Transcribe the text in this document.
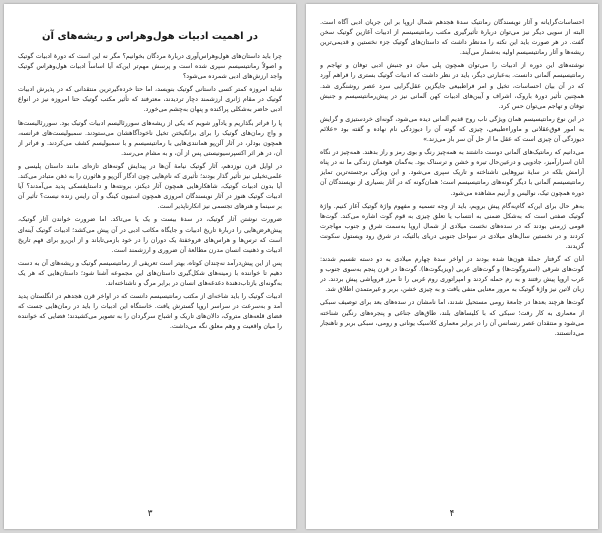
در اهمیت ادبیات هول‌وهراس و ریشه‌های آن

چرا باید داستان‌های هول‌وهراس‌آوری دربارهٔ مردگان بخوانیم؟ مگر نه این است که دورهٔ ادبیات گوتیک و اصولاً رمانتیسیسم سپری شده است و پرسش مهم‌تر این‌که آیا اساساً ادبیات هول‌وهراس گوتیک واجد ارزش‌های ادبی شمرده می‌شود؟

شاید امروزه کمتر کسی داستانی گوتیک بنویسد، اما حتا خرده‌گیرترین منتقدانی که در پذیرش ادبیات گوتیک در مقام ژانری ارزشمند دچار تردیدند، معترفند که تأثیر مکتب گوتیک حتا امروزه نیز در انواع ادبی حاضر به‌شکلی پراکنده و پنهان به‌چشم می‌خورد.

پا را فراتر بگذاریم و یادآور شویم که یکی از ریشه‌های سوررئالیسم ادبیات گوتیک بود. سوررئالیست‌ها و واج رمان‌های گوتیک را برای برانگیختن تخیل ناخودآگاهشان می‌ستودند. سمبولیست‌های فرانسه، همچون بودلر، در آثار آلن‌پو همانندی‌هایی با رمانتیسیسم و با سمبولیسم کشف می‌کردند. و فراتر از آن، در هر اثر اکسپرسیونیستی پس از آن، و به مشام می‌رسد.

در اوایل قرن نوزدهم، آثار گوتیک نیامهٔ آن‌ها در پیدایش گونه‌های تازه‌ای مانند داستان پلیسی و علمی‌تخیلی نیز تأثیر گذار بودند؛ تأثیری که نام‌هایی چون ادگار آلن‌پو و هاثورن را به ذهن متبادر می‌کند. آیا بدون ادبیات گوتیک، شاهکارهایی همچون آثار دیکنز، برونته‌ها و داستایفسکی پدید می‌آمدند؟ آیا ادبیات گوتیک هنوز در آثار نویسندگان امروزی همچون استیون کینگ و آن رایس زنده نیست؟ تأثیر آن بر سینما و هنرهای تجسمی نیز انکارناپذیر است.

ضرورت نوشتن آثار گوتیک، در سدهٔ بیست و یک یا می‌تاکد. اما ضرورت خواندن آثار گوتیک، پیش‌فرض‌هایی را دربارهٔ تاریخ ادبیات و جایگاه مکاتب ادبی در آن پیش می‌کشد؛ ادبیات گوتیک آینه‌ای است که ترس‌ها و هراس‌های فروخفتهٔ یک دوران را در خود بازمی‌تاباند و از این‌رو برای فهم تاریخ ادبیات و ذهنیت انسان مدرن مطالعهٔ آن ضروری و ارزشمند است.

پس از این پیش‌درآمد نه‌چندان کوتاه، بهتر است تعریفی از رمانتیسیسم گوتیک و ریشه‌های آن به دست دهیم تا خواننده با زمینه‌های شکل‌گیری داستان‌های این مجموعه آشنا شود؛ داستان‌هایی که هر یک به‌گونه‌ای بازتاب‌دهندهٔ دغدغه‌های انسان در برابر مرگ و ناشناخته‌اند.

ادبیات گوتیک را باید شاخه‌ای از مکتب رمانتیسیسم دانست که در اواخر قرن هجدهم در انگلستان پدید آمد و به‌سرعت در سراسر اروپا گسترش یافت. خاستگاه این ادبیات را باید در رمان‌هایی جست که فضای قلعه‌های متروک، دالان‌های تاریک و اشباح سرگردان را به تصویر می‌کشیدند؛ فضایی که خواننده را میان واقعیت و وهم معلق نگه می‌داشت.

۳

احساسات‌گرایانه و آثار نویسندگان رمانتیک سدهٔ هجدهم شمال اروپا بر این جریان ادبی آگاه است. البته از سویی دیگر نیز می‌توان دربارهٔ تأثیرگیری مکتب رمانتیسیسم از ادبیات آغازین گوتیک سخن گفت. در هر صورت باید این نکته را مدنظر داشت که داستان‌های گوتیک جزء نخستین و قدیمی‌ترین ریشه‌ها و آثار رمانتیسیسم اولیه به‌شمار می‌آیند.

نوشته‌های این دوره از ادبیات را می‌توان همچون پلی میان دو جنبش ادبی توفان و تهاجم و رمانتیسیسم آلمانی دانست. به‌عبارتی دیگر، باید در نظر داشت که ادبیات گوتیک بستری را فراهم آورد که در آن بیان احساسات، تخیل و امر فراطبیعی جایگزین عقل‌گرایی سرد عصر روشنگری شد. همچنین تأثیر دورهٔ باروک، اشراف و آیین‌های ادبیات کهن آلمانی نیز در پیش‌رمانتیسیسم و جنبش توفان و تهاجم می‌توان حس کرد.

در این نوع رمانتیسیسم همان ویژگی ناب روح قدیم آلمانی دیده می‌شود، گونه‌ای خردستیزی و گرایش به امور فوق‌عقلانی و ماوراءطبیعی، چیزی که گوته آن را دیوزدگی نام نهاده و گفته بود «علائم دیوزدگی آن چیزی است که عقل ما از حل آن سر باز می‌زند.»

می‌دانیم که رمانتیک‌های آلمانی دوست داشتند به همه‌چیز رنگ و بوی رمز و راز بدهند. همه‌چیز در نگاه آنان اسرارآمیز، جادویی و درعین‌حال تیره و خشن و ترسناک بود. به‌گمان هوفمان زندگی ما نه در پناه آرامش بلکه در سایهٔ نیروهایی ناشناخته و تاریک سپری می‌شود. و این ویژگی برجسته‌ترین تمایز رمانتیسیسم آلمانی با دیگر گونه‌های رمانتیسیسم است؛ همان‌گونه که در آثار بسیاری از نویسندگان آن دوره همچون تیک، نوالیس و آرنیم مشاهده می‌شود.

به‌هر حال برای این‌که گام‌به‌گام پیش برویم، باید از وجه تسمیه و مفهوم واژهٔ گوتیک آغاز کنیم. واژهٔ گوتیک صفتی است که به‌شکل ضمنی به انتساب یا تعلق چیزی به قوم گوت اشاره می‌کند. گوت‌ها قومی ژرمنی بودند که در سده‌های نخست میلادی از شمال اروپا به‌سمت شرق و جنوب مهاجرت کردند و در نخستین سال‌های میلادی در سواحل جنوبی دریای بالتیک، در شرق رود ویستول سکونت گزیدند.

آنان که گرفتار حملهٔ هون‌ها شده بودند در اواخر سدهٔ چهارم میلادی به دو دسته تقسیم شدند: گوت‌های شرقی (استروگوت‌ها) و گوت‌های غربی (ویزیگوت‌ها). گوت‌ها در قرن پنجم به‌سوی جنوب و غرب اروپا پیش رفتند و به رم حمله کردند و امپراتوری روم غربی را تا مرز فروپاشی پیش بردند. در زبان لاتین نیز واژهٔ گوتیک به مرور معنایی منفی یافت و به چیزی خشن، بربر و غیرمتمدن اطلاق شد.

گوت‌ها هرچند بعدها در جامعهٔ رومی مستحیل شدند، اما نامشان در سده‌های بعد برای توصیف سبکی از معماری به کار رفت؛ سبکی که با کلیساهای بلند، طاق‌های جناغی و پنجره‌های رنگین شناخته می‌شود و منتقدان عصر رنسانس آن را در برابر معماری کلاسیک یونانی و رومی، سبکی بربر و ناهنجار می‌دانستند.

۴
